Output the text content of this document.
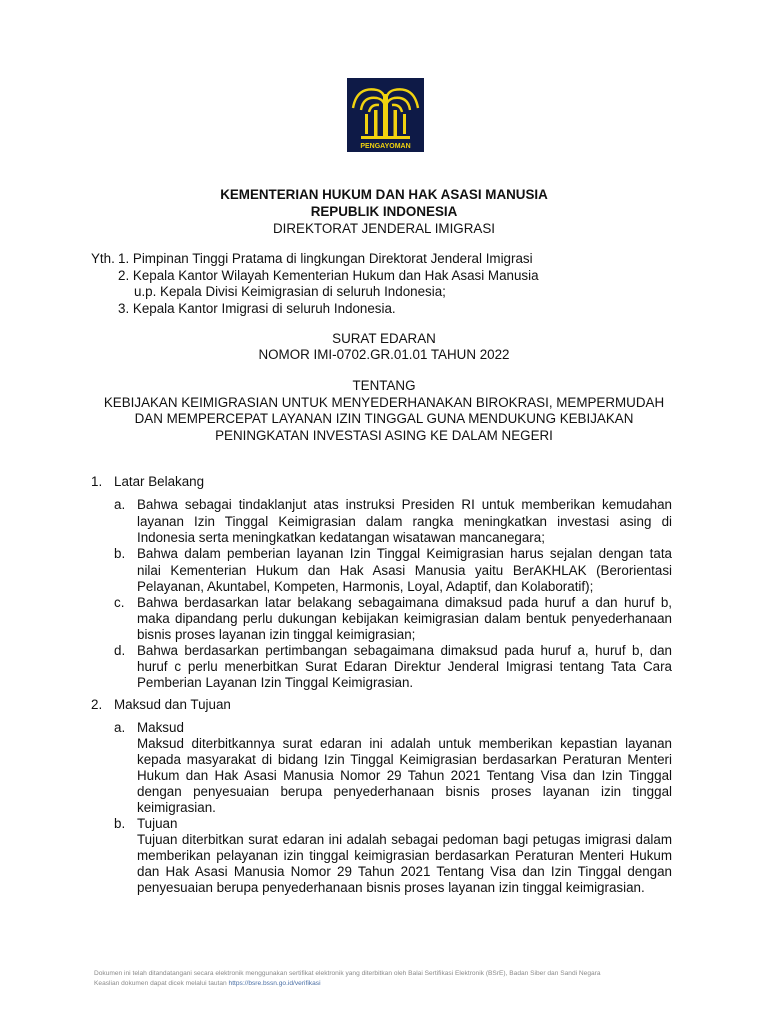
PENGAYOMAN
KEMENTERIAN HUKUM DAN HAK ASASI MANUSIA
REPUBLIK INDONESIA
DIREKTORAT JENDERAL IMIGRASI
Yth. 1. Pimpinan Tinggi Pratama di lingkungan Direktorat Jenderal Imigrasi
2. Kepala Kantor Wilayah Kementerian Hukum dan Hak Asasi Manusia
u.p. Kepala Divisi Keimigrasian di seluruh Indonesia;
3. Kepala Kantor Imigrasi di seluruh Indonesia.
SURAT EDARAN
NOMOR IMI-0702.GR.01.01 TAHUN 2022
TENTANG
KEBIJAKAN KEIMIGRASIAN UNTUK MENYEDERHANAKAN BIROKRASI, MEMPERMUDAH
DAN MEMPERCEPAT LAYANAN IZIN TINGGAL GUNA MENDUKUNG KEBIJAKAN
PENINGKATAN INVESTASI ASING KE DALAM NEGERI
1. Latar Belakang
a. Bahwa sebagai tindaklanjut atas instruksi Presiden RI untuk memberikan kemudahan
layanan Izin Tinggal Keimigrasian dalam rangka meningkatkan investasi asing di
Indonesia serta meningkatkan kedatangan wisatawan mancanegara;
b. Bahwa dalam pemberian layanan Izin Tinggal Keimigrasian harus sejalan dengan tata
nilai Kementerian Hukum dan Hak Asasi Manusia yaitu BerAKHLAK (Berorientasi
Pelayanan, Akuntabel, Kompeten, Harmonis, Loyal, Adaptif, dan Kolaboratif);
c. Bahwa berdasarkan latar belakang sebagaimana dimaksud pada huruf a dan huruf b,
maka dipandang perlu dukungan kebijakan keimigrasian dalam bentuk penyederhanaan
bisnis proses layanan izin tinggal keimigrasian;
d. Bahwa berdasarkan pertimbangan sebagaimana dimaksud pada huruf a, huruf b, dan
huruf c perlu menerbitkan Surat Edaran Direktur Jenderal Imigrasi tentang Tata Cara
Pemberian Layanan Izin Tinggal Keimigrasian.
2. Maksud dan Tujuan
a. Maksud
Maksud diterbitkannya surat edaran ini adalah untuk memberikan kepastian layanan
kepada masyarakat di bidang Izin Tinggal Keimigrasian berdasarkan Peraturan Menteri
Hukum dan Hak Asasi Manusia Nomor 29 Tahun 2021 Tentang Visa dan Izin Tinggal
dengan penyesuaian berupa penyederhanaan bisnis proses layanan izin tinggal
keimigrasian.
b. Tujuan
Tujuan diterbitkan surat edaran ini adalah sebagai pedoman bagi petugas imigrasi dalam
memberikan pelayanan izin tinggal keimigrasian berdasarkan Peraturan Menteri Hukum
dan Hak Asasi Manusia Nomor 29 Tahun 2021 Tentang Visa dan Izin Tinggal dengan
penyesuaian berupa penyederhanaan bisnis proses layanan izin tinggal keimigrasian.
Dokumen ini telah ditandatangani secara elektronik menggunakan sertifikat elektronik yang diterbitkan oleh Balai Sertifikasi Elektronik (BSrE), Badan Siber dan Sandi Negara
Keaslian dokumen dapat dicek melalui tautan https://bsre.bssn.go.id/verifikasi
